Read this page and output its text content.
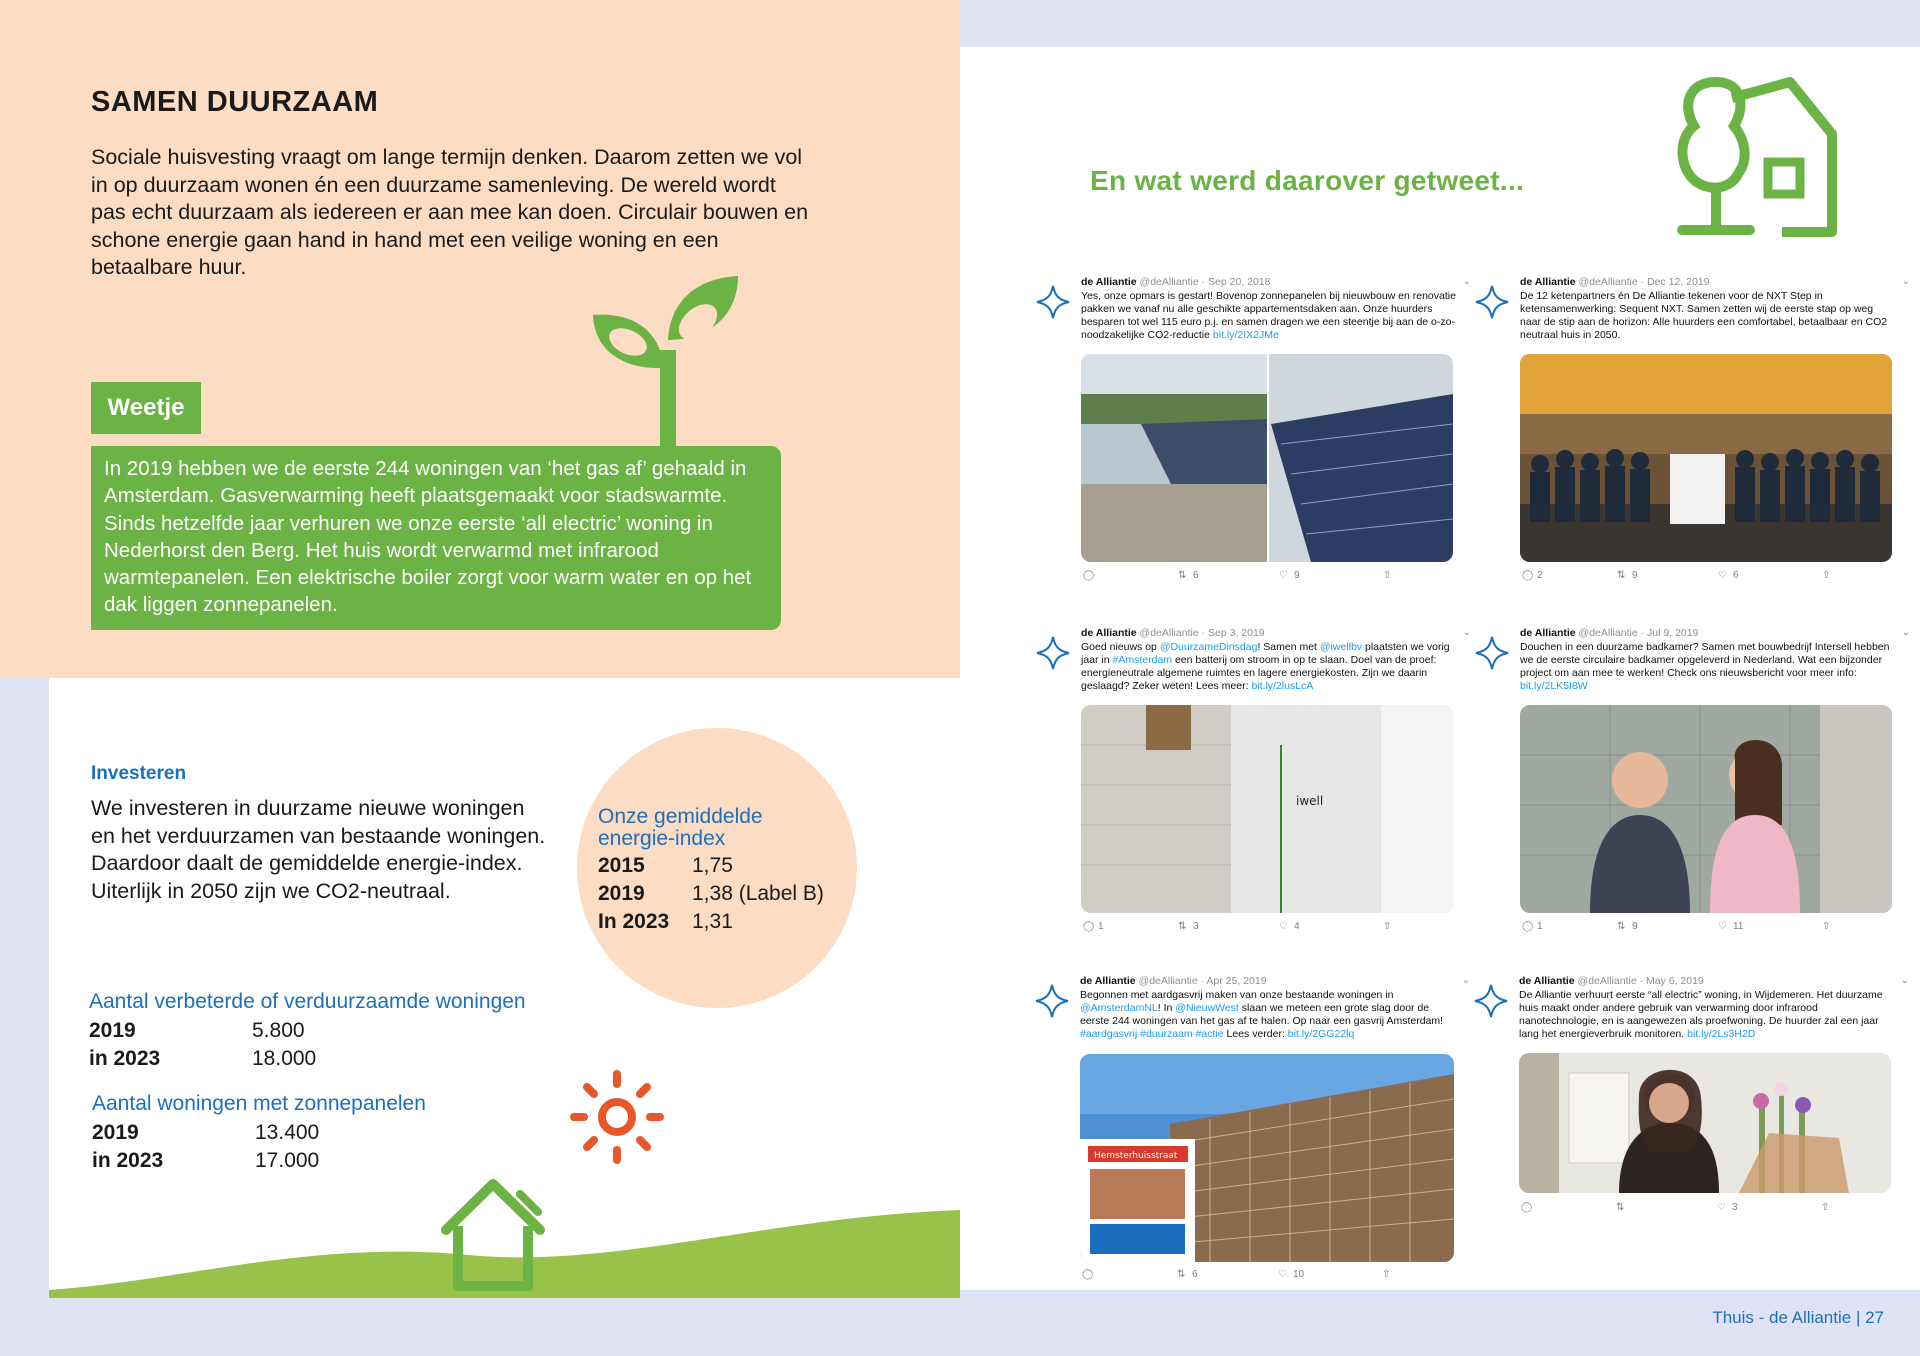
SAMEN DUURZAAM
Sociale huisvesting vraagt om lange termijn denken. Daarom zetten we vol in op duurzaam wonen én een duurzame samenleving. De wereld wordt pas echt duurzaam als iedereen er aan mee kan doen. Circulair bouwen en schone energie gaan hand in hand met een veilige woning en een betaalbare huur.
Weetje
In 2019 hebben we de eerste 244 woningen van ‘het gas af’ gehaald in Amsterdam. Gasverwarming heeft plaatsgemaakt voor stadswarmte. Sinds hetzelfde jaar verhuren we onze eerste ‘all electric’ woning in Nederhorst den Berg. Het huis wordt verwarmd met infrarood warmtepanelen. Een elektrische boiler zorgt voor warm water en op het dak liggen zonnepanelen.
Investeren
We investeren in duurzame nieuwe woningen en het verduurzamen van bestaande woningen. Daardoor daalt de gemiddelde energie-index. Uiterlijk in 2050 zijn we CO2-neutraal.
Onze gemiddelde energie-index
2015 1,75
2019 1,38 (Label B)
In 2023 1,31
Aantal verbeterde of verduurzaamde woningen
2019	5.800
in 2023	18.000
Aantal woningen met zonnepanelen
2019	13.400
in 2023	17.000
En wat werd daarover getweet...
de Alliantie @deAlliantie · Sep 20, 2018	⌄
Yes, onze opmars is gestart! Bovenop zonnepanelen bij nieuwbouw en renovatie pakken we vanaf nu alle geschikte appartementsdaken aan. Onze huurders besparen tot wel 115 euro p.j. en samen dragen we een steentje bij aan de o-zo-noodzakelijke CO2-reductie bit.ly/2IX2JMe
◯	⇅ 6	♡ 9	⇧
de Alliantie @deAlliantie · Dec 12, 2019	⌄
De 12 ketenpartners én De Alliantie tekenen voor de NXT Step in ketensamenwerking: Sequent NXT. Samen zetten wij de eerste stap op weg naar de stip aan de horizon: Alle huurders een comfortabel, betaalbaar en CO2 neutraal huis in 2050.
◯ 2	⇅ 9	♡ 6	⇧
de Alliantie @deAlliantie · Sep 3, 2019	⌄
Goed nieuws op @DuurzameDinsdag! Samen met @iwellbv plaatsten we vorig jaar in #Amsterdam een batterij om stroom in op te slaan. Doel van de proef: energieneutrale algemene ruimtes en lagere energiekosten. Zijn we daarin geslaagd? Zeker weten! Lees meer: bit.ly/2lusLcA
iwell
◯ 1	⇅ 3	♡ 4	⇧
de Alliantie @deAlliantie · Jul 9, 2019	⌄
Douchen in een duurzame badkamer? Samen met bouwbedrijf Intersell hebben we de eerste circulaire badkamer opgeleverd in Nederland. Wat een bijzonder project om aan mee te werken! Check ons nieuwsbericht voor meer info: bit.ly/2LK5I8W
◯ 1	⇅ 9	♡ 11	⇧
de Alliantie @deAlliantie · Apr 25, 2019	⌄
Begonnen met aardgasvrij maken van onze bestaande woningen in @AmsterdamNL! In @NieuwWest slaan we meteen een grote slag door de eerste 244 woningen van het gas af te halen. Op naar een gasvrij Amsterdam! #aardgasvrij #duurzaam #actie Lees verder: bit.ly/2GG22lq
Hemsterhuisstraat
◯	⇅ 6	♡ 10	⇧
de Alliantie @deAlliantie · May 6, 2019	⌄
De Alliantie verhuurt eerste “all electric” woning, in Wijdemeren. Het duurzame huis maakt onder andere gebruik van verwarming door infrarood nanotechnologie, en is aangewezen als proefwoning. De huurder zal een jaar lang het energieverbruik monitoren. bit.ly/2Ls3H2D
◯	⇅	♡ 3	⇧
Thuis - de Alliantie | 27
